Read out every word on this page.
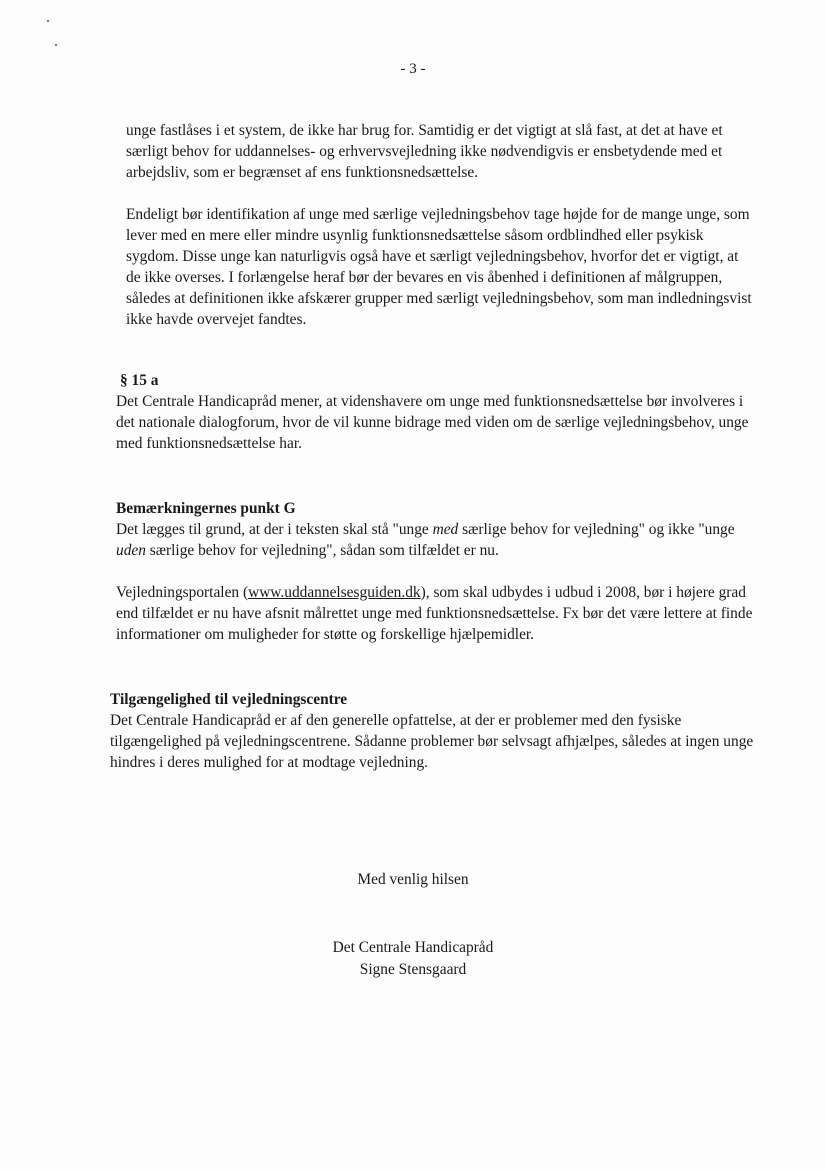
- 3 -

unge fastlåses i et system, de ikke har brug for. Samtidig er det vigtigt at slå fast, at det at have et særligt behov for uddannelses- og erhvervsvejledning ikke nødvendigvis er ensbetydende med et arbejdsliv, som er begrænset af ens funktionsnedsættelse.

Endeligt bør identifikation af unge med særlige vejledningsbehov tage højde for de mange unge, som lever med en mere eller mindre usynlig funktionsnedsættelse såsom ordblindhed eller psykisk sygdom. Disse unge kan naturligvis også have et særligt vejledningsbehov, hvorfor det er vigtigt, at de ikke overses. I forlængelse heraf bør der bevares en vis åbenhed i definitionen af målgruppen, således at definitionen ikke afskærer grupper med særligt vejledningsbehov, som man indledningsvist ikke havde overvejet fandtes.

§ 15 a

Det Centrale Handicapråd mener, at videnshavere om unge med funktionsnedsættelse bør involveres i det nationale dialogforum, hvor de vil kunne bidrage med viden om de særlige vejledningsbehov, unge med funktionsnedsættelse har.

Bemærkningernes punkt G

Det lægges til grund, at der i teksten skal stå "unge med særlige behov for vejledning" og ikke "unge uden særlige behov for vejledning", sådan som tilfældet er nu.

Vejledningsportalen (www.uddannelsesguiden.dk), som skal udbydes i udbud i 2008, bør i højere grad end tilfældet er nu have afsnit målrettet unge med funktionsnedsættelse. Fx bør det være lettere at finde informationer om muligheder for støtte og forskellige hjælpemidler.

Tilgængelighed til vejledningscentre

Det Centrale Handicapråd er af den generelle opfattelse, at der er problemer med den fysiske tilgængelighed på vejledningscentrene. Sådanne problemer bør selvsagt afhjælpes, således at ingen unge hindres i deres mulighed for at modtage vejledning.

Med venlig hilsen
Det Centrale Handicapråd
Signe Stensgaard
